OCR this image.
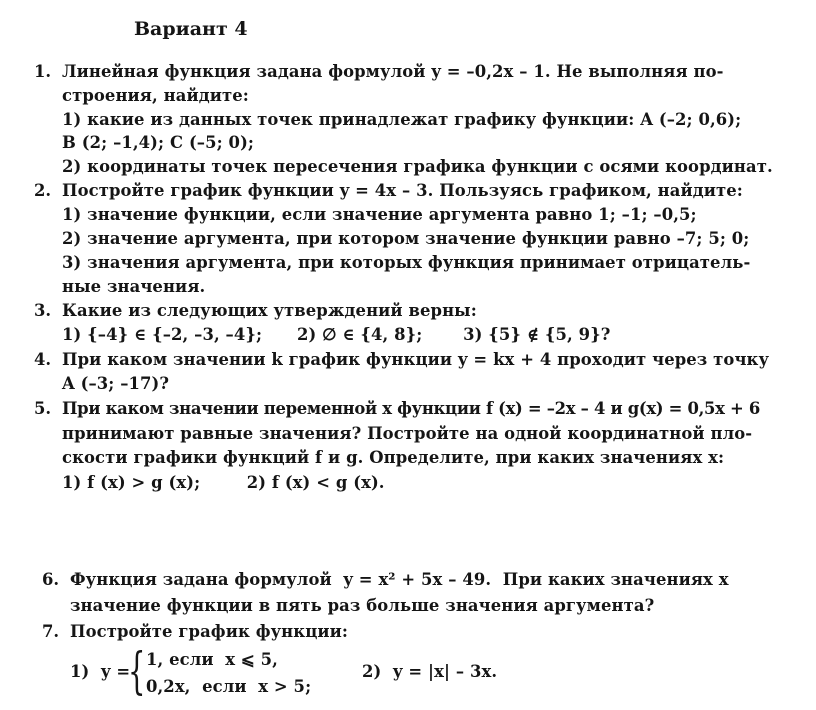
Вариант 4
1. Линейная функция задана формулой y = –0,2x – 1. Не выполняя по-
строения, найдите:
1) какие из данных точек принадлежат графику функции: A (–2; 0,6);
B (2; –1,4); C (–5; 0);
2) координаты точек пересечения графика функции с осями координат.
2. Постройте график функции y = 4x – 3. Пользуясь графиком, найдите:
1) значение функции, если значение аргумента равно 1; –1; –0,5;
2) значение аргумента, при котором значение функции равно –7; 5; 0;
3) значения аргумента, при которых функция принимает отрицатель-
ные значения.
3. Какие из следующих утверждений верны:
1) {–4} ∈ {–2, –3, –4};      2) ∅ ∈ {4, 8};       3) {5} ∉ {5, 9}?
4. При каком значении k график функции y = kx + 4 проходит через точку
A (–3; –17)?
5. При каком значении переменной x функции f (x) = –2x – 4 и g(x) = 0,5x + 6
принимают равные значения? Постройте на одной координатной пло-
скости графики функций f и g. Определите, при каких значениях x:
1) f (x) > g (x);        2) f (x) < g (x).
6. Функция задана формулой  y = x² + 5x – 49.  При каких значениях x
значение функции в пять раз больше значения аргумента?
7. Постройте график функции:
1)  y =
{ 1, если  x ⩽ 5,
0,2x,  если  x > 5;
2)  y = |x| – 3x.
